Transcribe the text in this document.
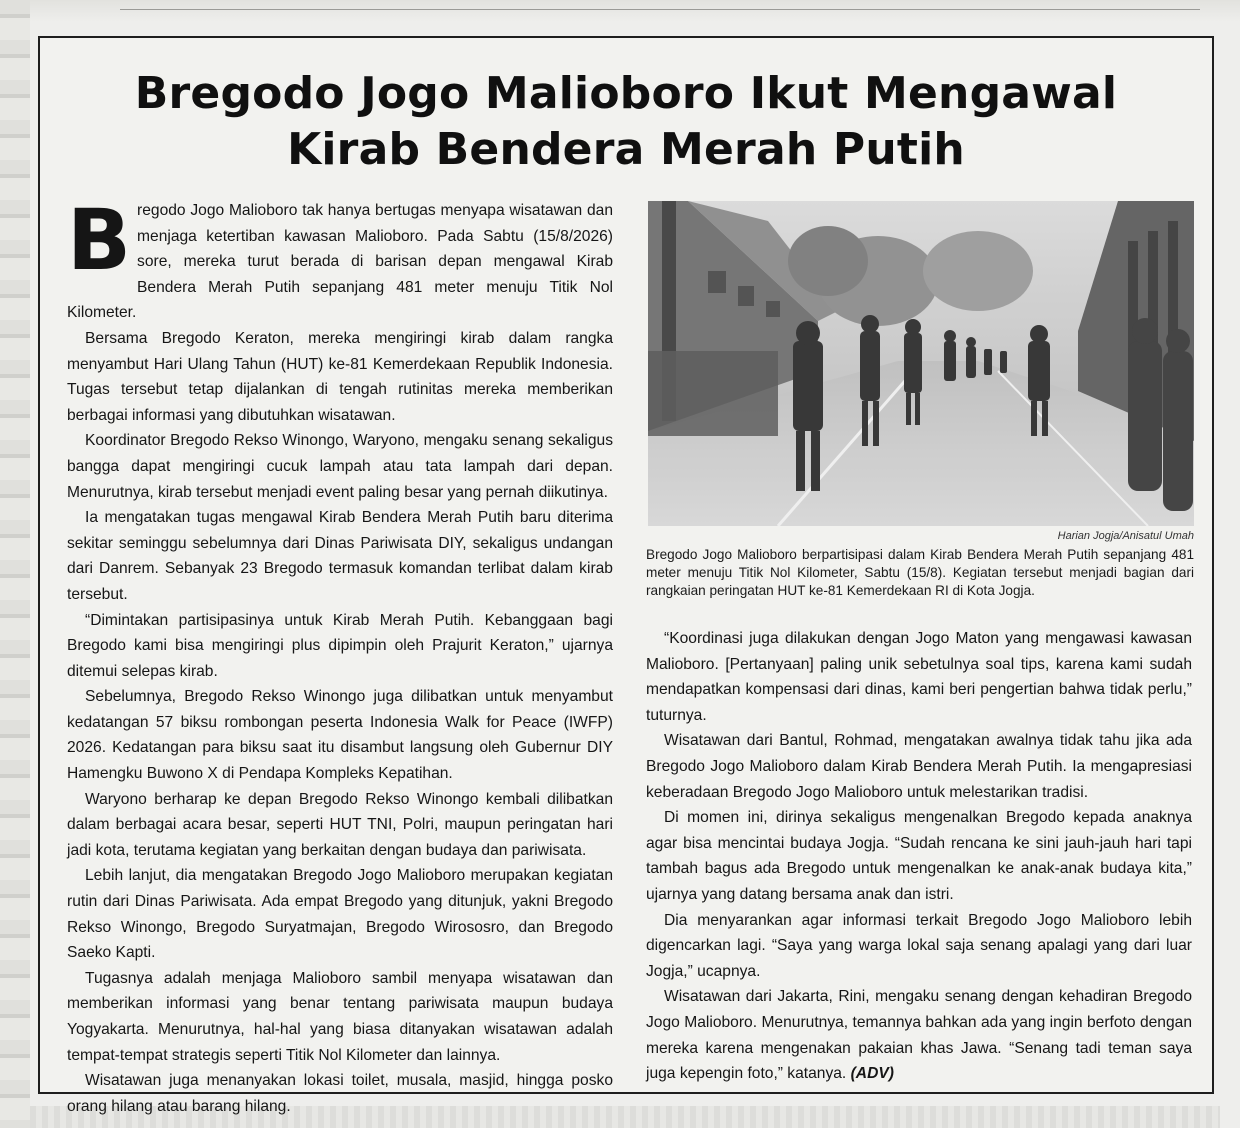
Bregodo Jogo Malioboro Ikut Mengawal
Kirab Bendera Merah Putih

Bregodo Jogo Malioboro tak hanya bertugas menyapa wisatawan dan menjaga ketertiban kawasan Malioboro. Pada Sabtu (15/8/2026) sore, mereka turut berada di barisan depan mengawal Kirab Bendera Merah Putih sepanjang 481 meter menuju Titik Nol Kilometer.

Bersama Bregodo Keraton, mereka mengiringi kirab dalam rangka menyambut Hari Ulang Tahun (HUT) ke-81 Kemerdekaan Republik Indonesia. Tugas tersebut tetap dijalankan di tengah rutinitas mereka memberikan berbagai informasi yang dibutuhkan wisatawan.

Koordinator Bregodo Rekso Winongo, Waryono, mengaku senang sekaligus bangga dapat mengiringi cucuk lampah atau tata lampah dari depan. Menurutnya, kirab tersebut menjadi event paling besar yang pernah diikutinya.

Ia mengatakan tugas mengawal Kirab Bendera Merah Putih baru diterima sekitar seminggu sebelumnya dari Dinas Pariwisata DIY, sekaligus undangan dari Danrem. Sebanyak 23 Bregodo termasuk komandan terlibat dalam kirab tersebut.

“Dimintakan partisipasinya untuk Kirab Merah Putih. Kebanggaan bagi Bregodo kami bisa mengiringi plus dipimpin oleh Prajurit Keraton,” ujarnya ditemui selepas kirab.

Sebelumnya, Bregodo Rekso Winongo juga dilibatkan untuk menyambut kedatangan 57 biksu rombongan peserta Indonesia Walk for Peace (IWFP) 2026. Kedatangan para biksu saat itu disambut langsung oleh Gubernur DIY Hamengku Buwono X di Pendapa Kompleks Kepatihan.

Waryono berharap ke depan Bregodo Rekso Winongo kembali dilibatkan dalam berbagai acara besar, seperti HUT TNI, Polri, maupun peringatan hari jadi kota, terutama kegiatan yang berkaitan dengan budaya dan pariwisata.

Lebih lanjut, dia mengatakan Bregodo Jogo Malioboro merupakan kegiatan rutin dari Dinas Pariwisata. Ada empat Bregodo yang ditunjuk, yakni Bregodo Rekso Winongo, Bregodo Suryatmajan, Bregodo Wirososro, dan Bregodo Saeko Kapti.

Tugasnya adalah menjaga Malioboro sambil menyapa wisatawan dan memberikan informasi yang benar tentang pariwisata maupun budaya Yogyakarta. Menurutnya, hal-hal yang biasa ditanyakan wisatawan adalah tempat-tempat strategis seperti Titik Nol Kilometer dan lainnya.

Wisatawan juga menanyakan lokasi toilet, musala, masjid, hingga posko orang hilang atau barang hilang.

Harian Jogja/Anisatul Umah
Bregodo Jogo Malioboro berpartisipasi dalam Kirab Bendera Merah Putih sepanjang 481 meter menuju Titik Nol Kilometer, Sabtu (15/8). Kegiatan tersebut menjadi bagian dari rangkaian peringatan HUT ke-81 Kemerdekaan RI di Kota Jogja.

“Koordinasi juga dilakukan dengan Jogo Maton yang mengawasi kawasan Malioboro. [Pertanyaan] paling unik sebetulnya soal tips, karena kami sudah mendapatkan kompensasi dari dinas, kami beri pengertian bahwa tidak perlu,” tuturnya.

Wisatawan dari Bantul, Rohmad, mengatakan awalnya tidak tahu jika ada Bregodo Jogo Malioboro dalam Kirab Bendera Merah Putih. Ia mengapresiasi keberadaan Bregodo Jogo Malioboro untuk melestarikan tradisi.

Di momen ini, dirinya sekaligus mengenalkan Bregodo kepada anaknya agar bisa mencintai budaya Jogja. “Sudah rencana ke sini jauh-jauh hari tapi tambah bagus ada Bregodo untuk mengenalkan ke anak-anak budaya kita,” ujarnya yang datang bersama anak dan istri.

Dia menyarankan agar informasi terkait Bregodo Jogo Malioboro lebih digencarkan lagi. “Saya yang warga lokal saja senang apalagi yang dari luar Jogja,” ucapnya.

Wisatawan dari Jakarta, Rini, mengaku senang dengan kehadiran Bregodo Jogo Malioboro. Menurutnya, temannya bahkan ada yang ingin berfoto dengan mereka karena mengenakan pakaian khas Jawa. “Senang tadi teman saya juga kepengin foto,” katanya. (ADV)
